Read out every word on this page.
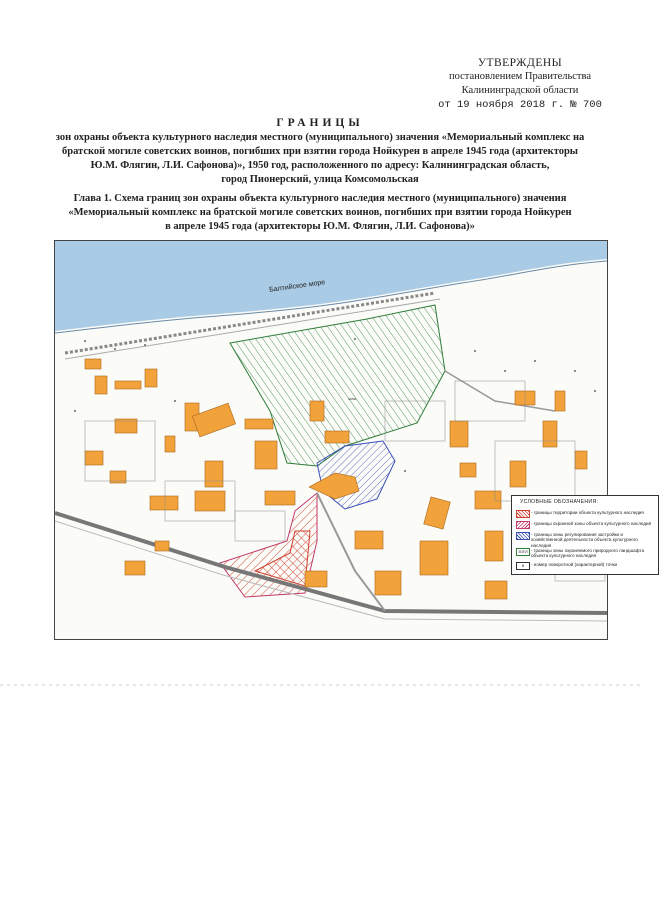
УТВЕРЖДЕНЫ
постановлением Правительства
Калининградской области
от 19 ноября 2018 г. № 700
ГРАНИЦЫ
зон охраны объекта культурного наследия местного (муниципального) значения «Мемориальный комплекс на
братской могиле советских воинов, погибших при взятии города Нойкурен в апреле 1945 года (архитекторы
Ю.М. Флягин, Л.И. Сафонова)», 1950 год, расположенного по адресу: Калининградская область,
город Пионерский, улица Комсомольская
Глава 1. Схема границ зон охраны объекта культурного наследия местного (муниципального) значения
«Мемориальный комплекс на братской могиле советских воинов, погибших при взятии города Нойкурен
в апреле 1945 года (архитекторы Ю.М. Флягин, Л.И. Сафонова)»
Балтийское море
зона
УСЛОВНЫЕ ОБОЗНАЧЕНИЯ:
- границы территории объекта культурного наследия
- границы охранной зоны объекта культурного наследия
- границы зоны регулирования застройки и хозяйственной деятельности объекта культурного наследия
ЗОПЛ - границы зоны охраняемого природного ландшафта объекта культурного наследия
8	- номер поворотной (характерной) точки
